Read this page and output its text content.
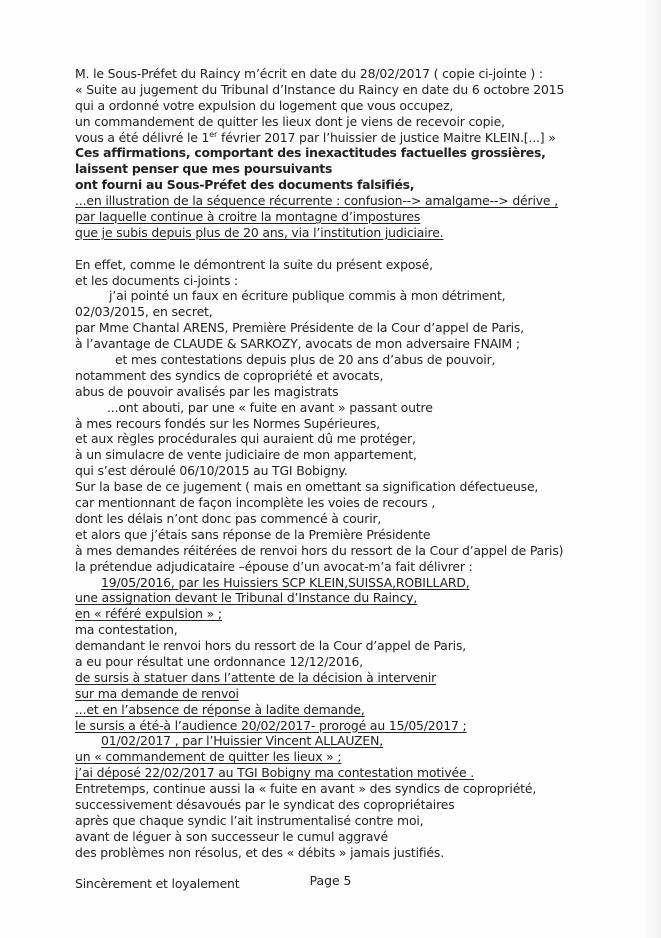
M. le Sous-Préfet du Raincy m’écrit en date du 28/02/2017 ( copie ci-jointe ) :
« Suite au jugement du Tribunal d’Instance du Raincy en date du 6 octobre 2015
qui a ordonné votre expulsion du logement que vous occupez,
un commandement de quitter les lieux dont je viens de recevoir copie,
vous a été délivré le 1er février 2017 par l’huissier de justice Maitre KLEIN.[...] »
Ces affirmations, comportant des inexactitudes factuelles grossières,
laissent penser que mes poursuivants
ont fourni au Sous-Préfet des documents falsifiés,
...en illustration de la séquence récurrente : confusion--> amalgame--> dérive ,
par laquelle continue à croitre la montagne d’impostures
que je subis depuis plus de 20 ans, via l’institution judiciaire.
En effet, comme le démontrent la suite du présent exposé,
et les documents ci-joints :
j’ai pointé un faux en écriture publique commis à mon détriment,
02/03/2015, en secret,
par Mme Chantal ARENS, Première Présidente de la Cour d’appel de Paris,
à l’avantage de CLAUDE & SARKOZY, avocats de mon adversaire FNAIM ;
et mes contestations depuis plus de 20 ans d’abus de pouvoir,
notamment des syndics de copropriété et avocats,
abus de pouvoir avalisés par les magistrats
...ont abouti, par une « fuite en avant » passant outre
à mes recours fondés sur les Normes Supérieures,
et aux règles procédurales qui auraient dû me protéger,
à un simulacre de vente judiciaire de mon appartement,
qui s’est déroulé 06/10/2015 au TGI Bobigny.
Sur la base de ce jugement ( mais en omettant sa signification défectueuse,
car mentionnant de façon incomplète les voies de recours ,
dont les délais n’ont donc pas commencé à courir,
et alors que j’étais sans réponse de la Première Présidente
à mes demandes réitérées de renvoi hors du ressort de la Cour d’appel de Paris)
la prétendue adjudicataire –épouse d’un avocat-m’a fait délivrer :
19/05/2016, par les Huissiers SCP KLEIN,SUISSA,ROBILLARD,
une assignation devant le Tribunal d’Instance du Raincy,
en « référé expulsion » ;
ma contestation,
demandant le renvoi hors du ressort de la Cour d’appel de Paris,
a eu pour résultat une ordonnance 12/12/2016,
de sursis à statuer dans l’attente de la décision à intervenir
sur ma demande de renvoi
...et en l’absence de réponse à ladite demande,
le sursis a été-à l’audience 20/02/2017- prorogé au 15/05/2017 ;
01/02/2017 , par l’Huissier Vincent ALLAUZEN,
un « commandement de quitter les lieux » ;
j’ai déposé 22/02/2017 au TGI Bobigny ma contestation motivée .
Entretemps, continue aussi la « fuite en avant » des syndics de copropriété,
successivement désavoués par le syndicat des copropriétaires
après que chaque syndic l’ait instrumentalisé contre moi,
avant de léguer à son successeur le cumul aggravé
des problèmes non résolus, et des « débits » jamais justifiés.
Sincèrement et loyalement	Page 5
